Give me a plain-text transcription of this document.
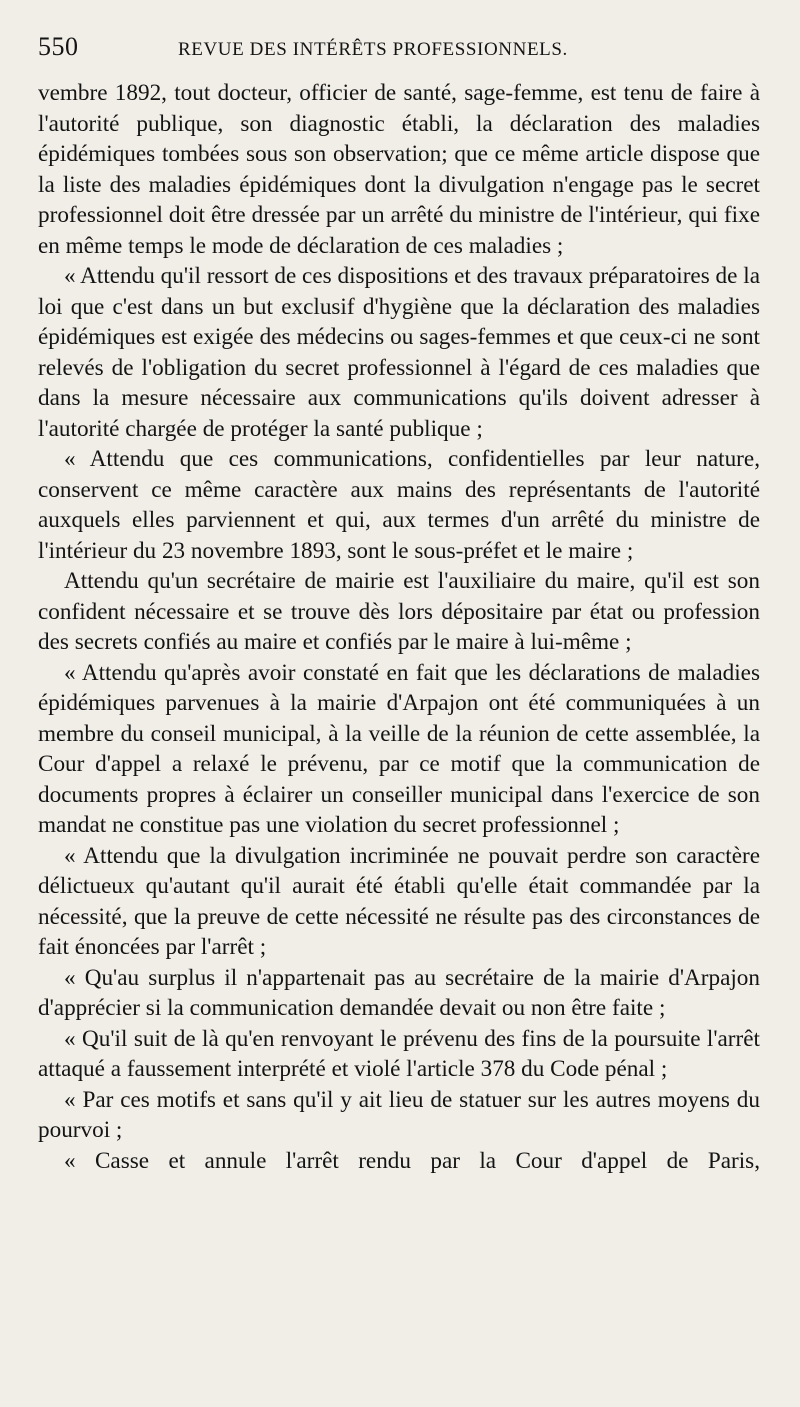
550	REVUE DES INTÉRÊTS PROFESSIONNELS.

vembre 1892, tout docteur, officier de santé, sage-femme, est tenu de faire à l'autorité publique, son diagnostic établi, la déclaration des maladies épidémiques tombées sous son observation; que ce même article dispose que la liste des maladies épidémiques dont la divulgation n'engage pas le secret professionnel doit être dressée par un arrêté du ministre de l'intérieur, qui fixe en même temps le mode de déclaration de ces maladies ;

« Attendu qu'il ressort de ces dispositions et des travaux préparatoires de la loi que c'est dans un but exclusif d'hygiène que la déclaration des maladies épidémiques est exigée des médecins ou sages-femmes et que ceux-ci ne sont relevés de l'obligation du secret professionnel à l'égard de ces maladies que dans la mesure nécessaire aux communications qu'ils doivent adresser à l'autorité chargée de protéger la santé publique ;

« Attendu que ces communications, confidentielles par leur nature, conservent ce même caractère aux mains des représentants de l'autorité auxquels elles parviennent et qui, aux termes d'un arrêté du ministre de l'intérieur du 23 novembre 1893, sont le sous-préfet et le maire ;

Attendu qu'un secrétaire de mairie est l'auxiliaire du maire, qu'il est son confident nécessaire et se trouve dès lors dépositaire par état ou profession des secrets confiés au maire et confiés par le maire à lui-même ;

« Attendu qu'après avoir constaté en fait que les déclarations de maladies épidémiques parvenues à la mairie d'Arpajon ont été communiquées à un membre du conseil municipal, à la veille de la réunion de cette assemblée, la Cour d'appel a relaxé le prévenu, par ce motif que la communication de documents propres à éclairer un conseiller municipal dans l'exercice de son mandat ne constitue pas une violation du secret professionnel ;

« Attendu que la divulgation incriminée ne pouvait perdre son caractère délictueux qu'autant qu'il aurait été établi qu'elle était commandée par la nécessité, que la preuve de cette nécessité ne résulte pas des circonstances de fait énoncées par l'arrêt ;

« Qu'au surplus il n'appartenait pas au secrétaire de la mairie d'Arpajon d'apprécier si la communication demandée devait ou non être faite ;

« Qu'il suit de là qu'en renvoyant le prévenu des fins de la poursuite l'arrêt attaqué a faussement interprété et violé l'article 378 du Code pénal ;

« Par ces motifs et sans qu'il y ait lieu de statuer sur les autres moyens du pourvoi ;

« Casse et annule l'arrêt rendu par la Cour d'appel de Paris,
